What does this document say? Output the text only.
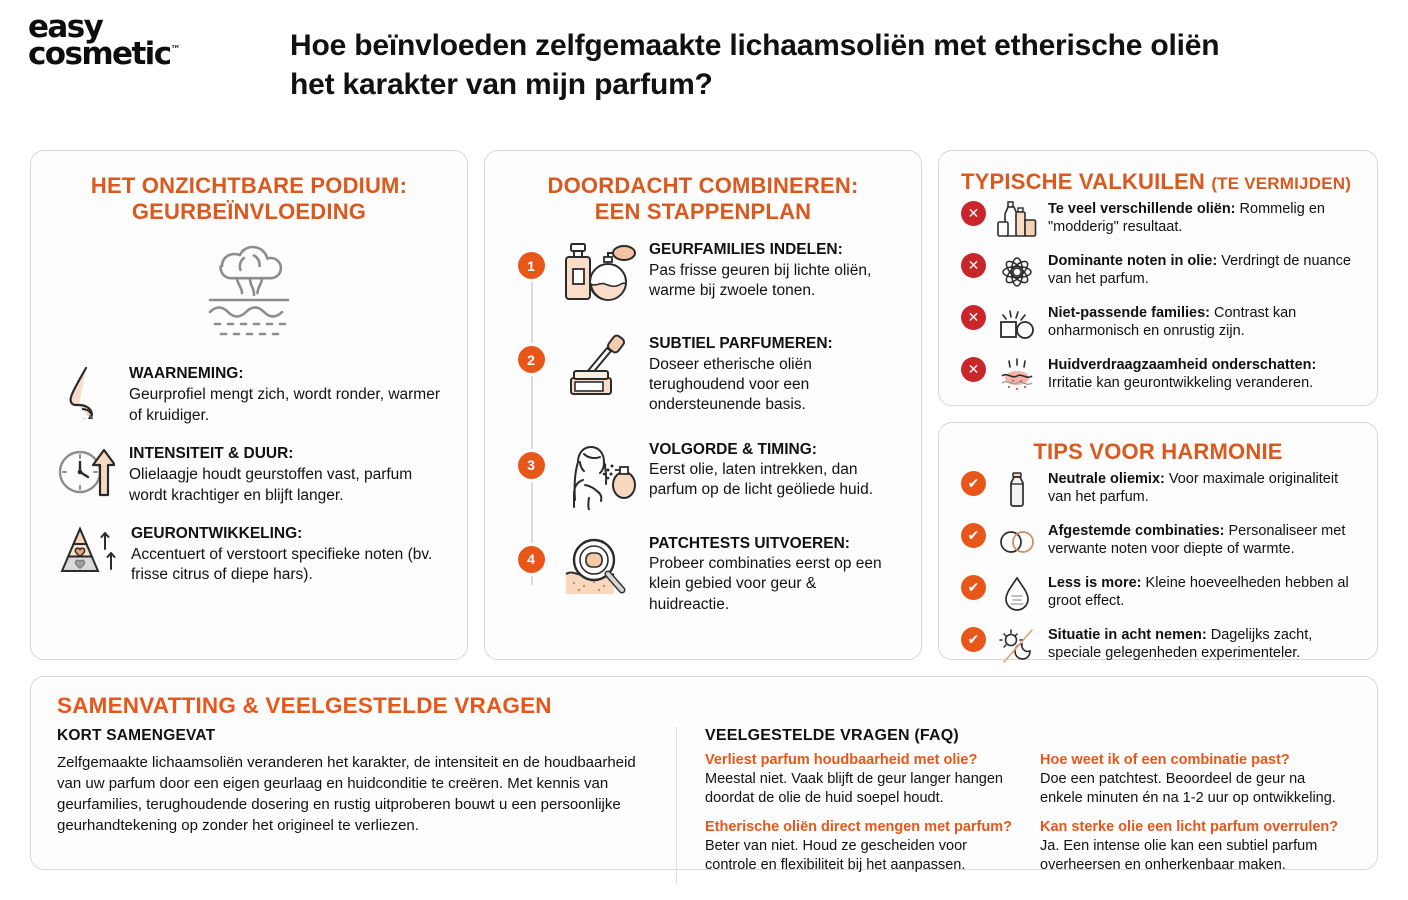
easy
cosmetic™	Hoe beïnvloeden zelfgemaakte lichaamsoliën met etherische oliën het karakter van mijn parfum?
HET ONZICHTBARE PODIUM:
GEURBEÏNVLOEDING
WAARNEMING:
Geurprofiel mengt zich, wordt ronder, warmer of kruidiger.
INTENSITEIT & DUUR:
Olielaagje houdt geurstoffen vast, parfum wordt krachtiger en blijft langer.
GEURONTWIKKELING:
Accentuert of verstoort specifieke noten (bv. frisse citrus of diepe hars).
DOORDACHT COMBINEREN:
EEN STAPPENPLAN
1
GEURFAMILIES INDELEN:
Pas frisse geuren bij lichte oliën, warme bij zwoele tonen.
2
SUBTIEL PARFUMEREN:
Doseer etherische oliën terughoudend voor een ondersteunende basis.
3
VOLGORDE & TIMING:
Eerst olie, laten intrekken, dan parfum op de licht geöliede huid.
4
PATCHTESTS UITVOEREN:
Probeer combinaties eerst op een klein gebied voor geur & huidreactie.
TYPISCHE VALKUILEN (TE VERMIJDEN)
✕	Te veel verschillende oliën: Rommelig en "modderig" resultaat.
✕	Dominante noten in olie: Verdringt de nuance van het parfum.
✕	Niet-passende families: Contrast kan onharmonisch en onrustig zijn.
✕	Huidverdraagzaamheid onderschatten: Irritatie kan geurontwikkeling veranderen.
TIPS VOOR HARMONIE
✔	Neutrale oliemix: Voor maximale originaliteit van het parfum.
✔	Afgestemde combinaties: Personaliseer met verwante noten voor diepte of warmte.
✔	Less is more: Kleine hoeveelheden hebben al groot effect.
✔	Situatie in acht nemen: Dagelijks zacht, speciale gelegenheden experimenteler.
SAMENVATTING & VEELGESTELDE VRAGEN
KORT SAMENGEVAT

Zelfgemaakte lichaamsoliën veranderen het karakter, de intensiteit en de houdbaarheid van uw parfum door een eigen geurlaag en huidconditie te creëren. Met kennis van geurfamilies, terughoudende dosering en rustig uitproberen bouwt u een persoonlijke geurhandtekening op zonder het origineel te verliezen.

VEELGESTELDE VRAGEN (FAQ)
Verliest parfum houdbaarheid met olie?
Meestal niet. Vaak blijft de geur langer hangen doordat de olie de huid soepel houdt.
Etherische oliën direct mengen met parfum?
Beter van niet. Houd ze gescheiden voor controle en flexibiliteit bij het aanpassen.
Hoe weet ik of een combinatie past?
Doe een patchtest. Beoordeel de geur na enkele minuten én na 1-2 uur op ontwikkeling.
Kan sterke olie een licht parfum overrulen?
Ja. Een intense olie kan een subtiel parfum overheersen en onherkenbaar maken.
